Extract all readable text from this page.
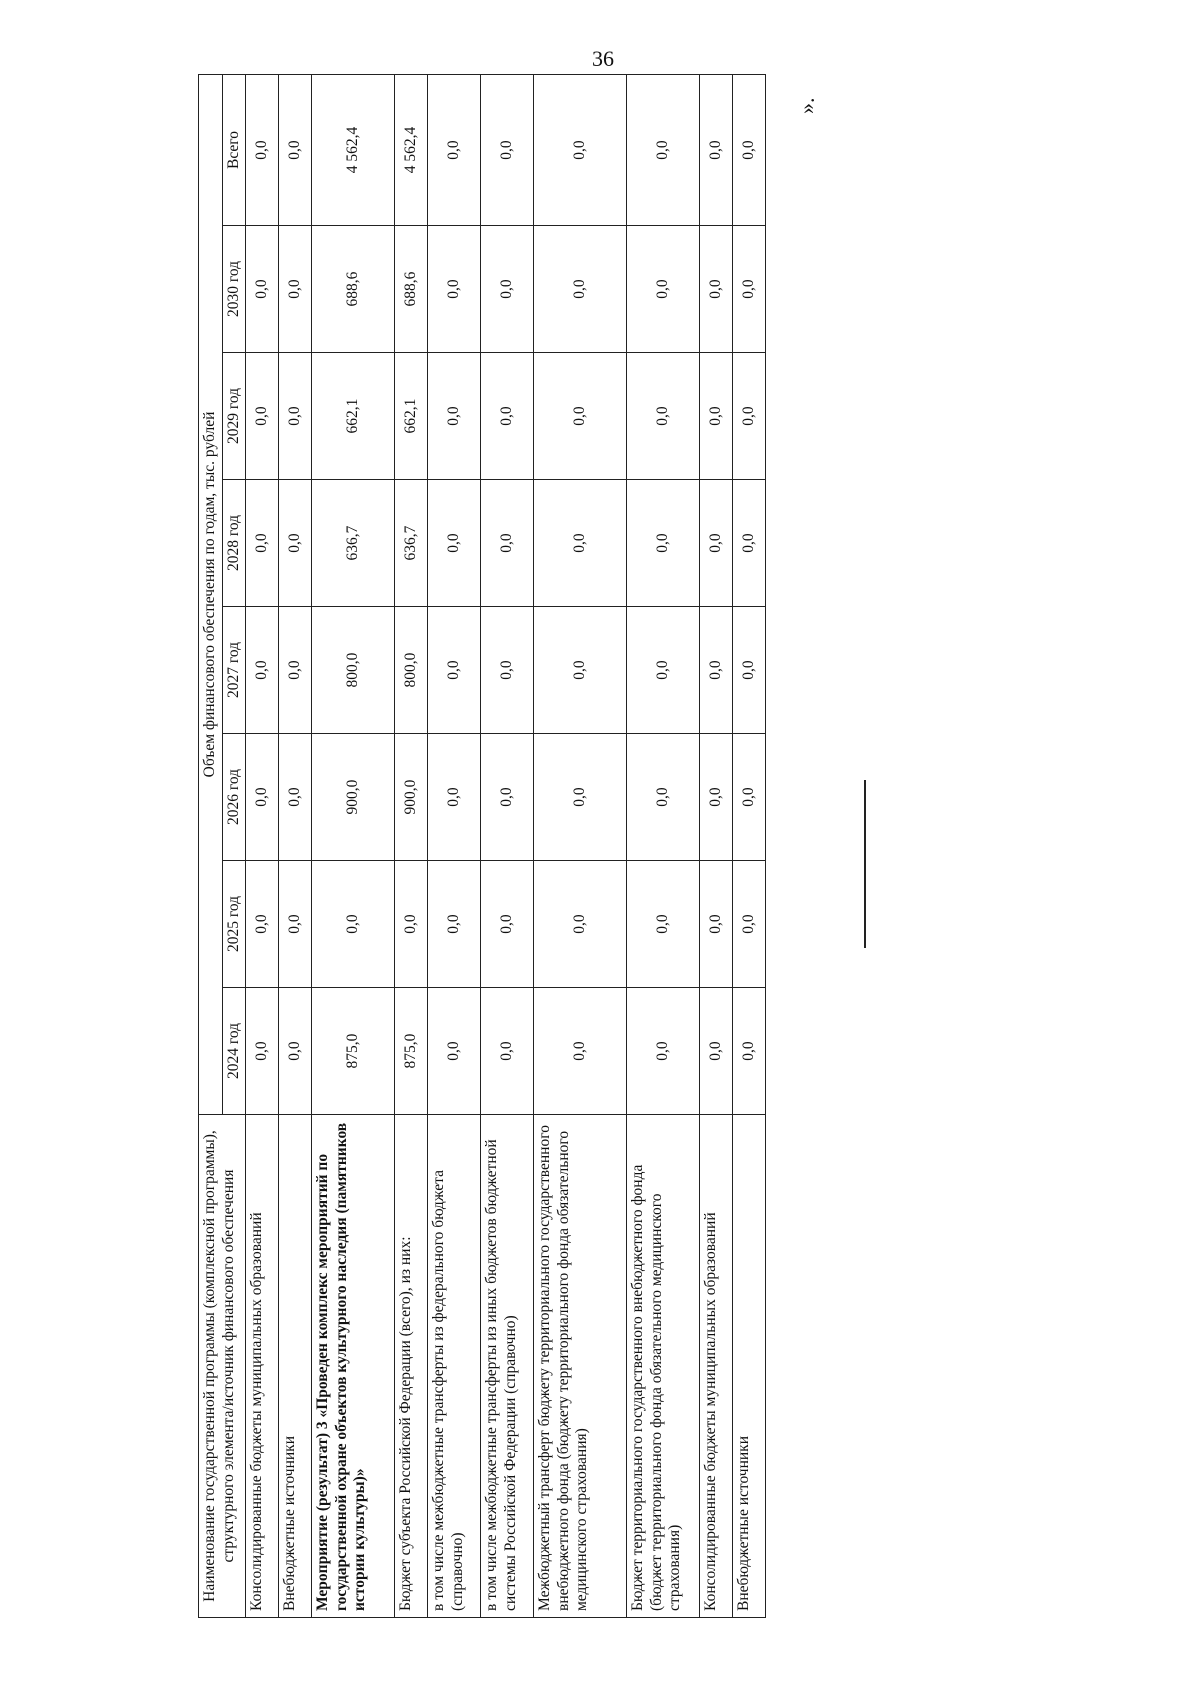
36
».
Наименование государственной программы (комплексной программы), структурного элемента/источник финансового обеспечения	Объем финансового обеспечения по годам, тыс. рублей							
	2024 год	2025 год	2026 год	2027 год	2028 год	2029 год	2030 год	Всего
Консолидированные бюджеты муниципальных образований	0,0	0,0	0,0	0,0	0,0	0,0	0,0	0,0
Внебюджетные источники	0,0	0,0	0,0	0,0	0,0	0,0	0,0	0,0
Мероприятие (результат) 3 «Проведен комплекс мероприятий по государственной охране объектов культурного наследия (памятников истории культуры)»	875,0	0,0	900,0	800,0	636,7	662,1	688,6	4 562,4
Бюджет субъекта Российской Федерации (всего), из них:	875,0	0,0	900,0	800,0	636,7	662,1	688,6	4 562,4
в том числе межбюджетные трансферты из федерального бюджета (справочно)	0,0	0,0	0,0	0,0	0,0	0,0	0,0	0,0
в том числе межбюджетные трансферты из иных бюджетов бюджетной системы Российской Федерации (справочно)	0,0	0,0	0,0	0,0	0,0	0,0	0,0	0,0
Межбюджетный трансферт бюджету территориального государственного внебюджетного фонда (бюджету территориального фонда обязательного медицинского страхования)	0,0	0,0	0,0	0,0	0,0	0,0	0,0	0,0
Бюджет территориального государственного внебюджетного фонда (бюджет территориального фонда обязательного медицинского страхования)	0,0	0,0	0,0	0,0	0,0	0,0	0,0	0,0
Консолидированные бюджеты муниципальных образований	0,0	0,0	0,0	0,0	0,0	0,0	0,0	0,0
Внебюджетные источники	0,0	0,0	0,0	0,0	0,0	0,0	0,0	0,0
